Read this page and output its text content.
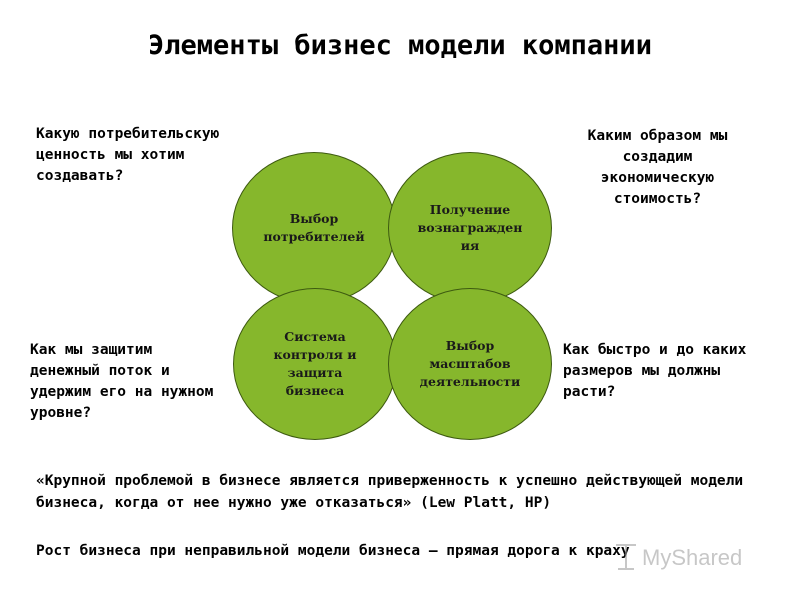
Элементы бизнес модели компании

Какую потребительскую
ценность мы хотим
создавать?

Каким образом мы
создадим
экономическую
стоимость?

Как мы защитим
денежный поток и
удержим его на нужном
уровне?

Как быстро и до каких
размеров мы должны
расти?

Выбор
потребителей
Получение
вознагражден
ия
Система
контроля и
защита
бизнеса
Выбор
масштабов
деятельности

«Крупной проблемой в бизнесе является приверженность к успешно действующей модели бизнеса, когда от нее нужно уже отказаться» (Lew Platt, HP)

Рост бизнеса при неправильной модели бизнеса – прямая дорога к краху MyShared
